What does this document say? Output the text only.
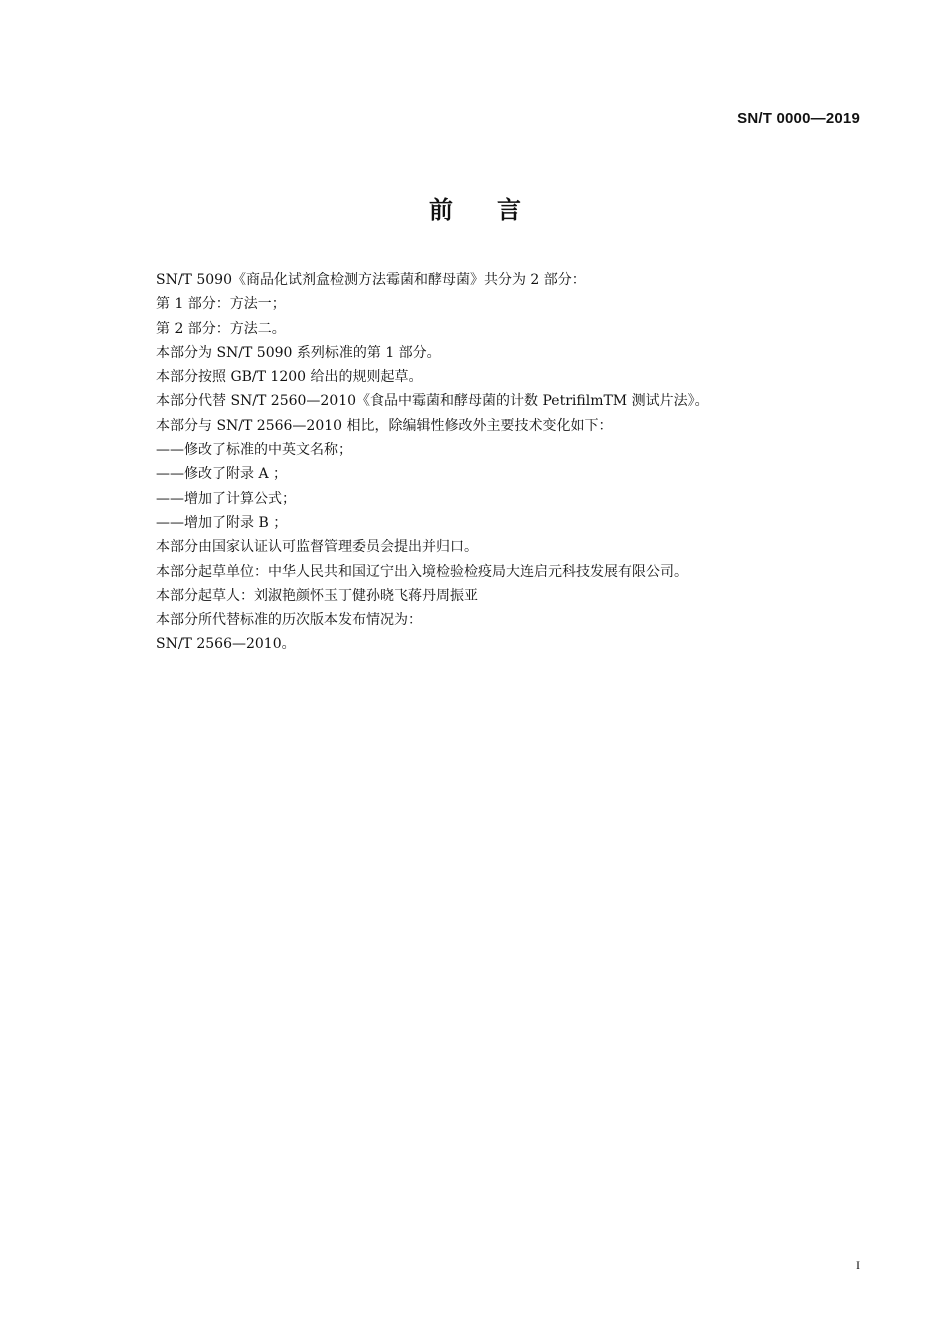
SN/T 0000—2019
前言
SN/T 5090《商品化试剂盒检测方法霉菌和酵母菌》共分为 2 部分：
第 1 部分：方法一；
第 2 部分：方法二。
本部分为 SN/T 5090 系列标准的第 1 部分。
本部分按照 GB/T 1200 给出的规则起草。
本部分代替 SN/T 2560—2010《食品中霉菌和酵母菌的计数 PetrifilmTM 测试片法》。
本部分与 SN/T 2566—2010 相比，除编辑性修改外主要技术变化如下：
——修改了标准的中英文名称；
——修改了附录 A ；
——增加了计算公式；
——增加了附录 B ；
本部分由国家认证认可监督管理委员会提出并归口。
本部分起草单位：中华人民共和国辽宁出入境检验检疫局大连启元科技发展有限公司。
本部分起草人：刘淑艳颜怀玉丁健孙晓飞蒋丹周振亚
本部分所代替标准的历次版本发布情况为：
SN/T 2566—2010。
I
